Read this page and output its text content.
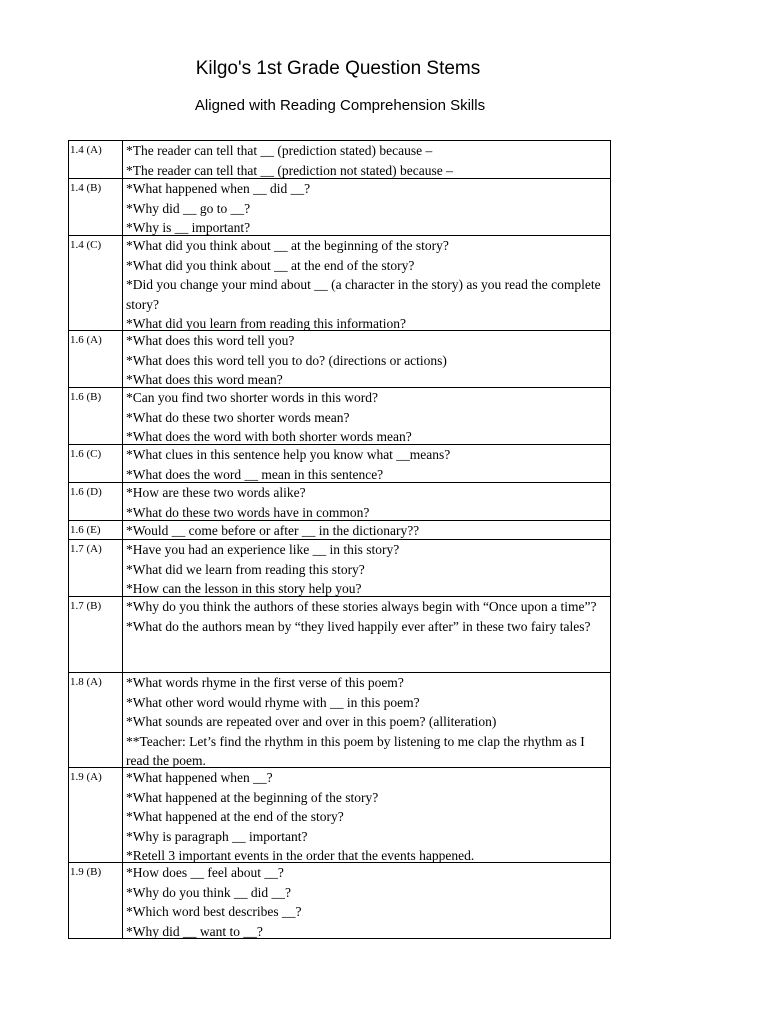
Kilgo's 1st Grade Question Stems
Aligned with Reading Comprehension Skills
1.4 (A)	*The reader can tell that __ (prediction stated) because –
*The reader can tell that __ (prediction not stated) because –
1.4 (B)	*What happened when __ did __?
*Why did __ go to __?
*Why is __ important?
1.4 (C)	*What did you think about __ at the beginning of the story?
*What did you think about __ at the end of the story?
*Did you change your mind about __ (a character in the story) as you read the complete story?
*What did you learn from reading this information?
1.6 (A)	*What does this word tell you?
*What does this word tell you to do? (directions or actions)
*What does this word mean?
1.6 (B)	*Can you find two shorter words in this word?
*What do these two shorter words mean?
*What does the word with both shorter words mean?
1.6 (C)	*What clues in this sentence help you know what __means?
*What does the word __ mean in this sentence?
1.6 (D)	*How are these two words alike?
*What do these two words have in common?
1.6 (E)	*Would __ come before or after __ in the dictionary??
1.7 (A)	*Have you had an experience like __ in this story?
*What did we learn from reading this story?
*How can the lesson in this story help you?
1.7 (B)	*Why do you think the authors of these stories always begin with “Once upon a time”?
*What do the authors mean by “they lived happily ever after” in these two fairy tales?
1.8 (A)	*What words rhyme in the first verse of this poem?
*What other word would rhyme with __ in this poem?
*What sounds are repeated over and over in this poem? (alliteration)
**Teacher: Let’s find the rhythm in this poem by listening to me clap the rhythm as I read the poem.
1.9 (A)	*What happened when __?
*What happened at the beginning of the story?
*What happened at the end of the story?
*Why is paragraph __ important?
*Retell 3 important events in the order that the events happened.
1.9 (B)	*How does __ feel about __?
*Why do you think __ did __?
*Which word best describes __?
*Why did __ want to __?
